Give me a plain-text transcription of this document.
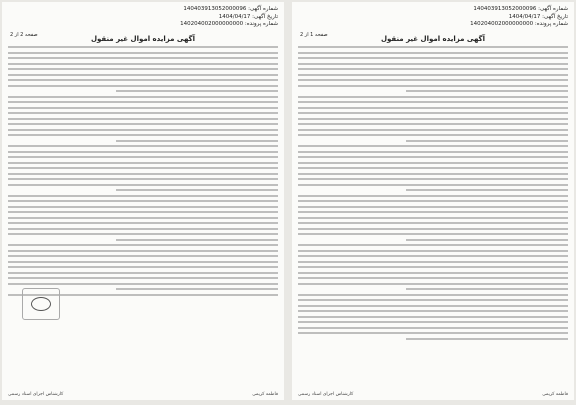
شماره آگهی: 140403913052000096
تاریخ آگهی: 1404/04/17
شماره پرونده: 140204002000000000
صفحه 1 از 2	آگهی مزایده اموال غیر منقول
فاطمه کریمی
کارشناس اجرای اسناد رسمی
شماره آگهی: 140403913052000096
تاریخ آگهی: 1404/04/17
شماره پرونده: 140204002000000000
صفحه 2 از 2	آگهی مزایده اموال غیر منقول
فاطمه کریمی
کارشناس اجرای اسناد رسمی
